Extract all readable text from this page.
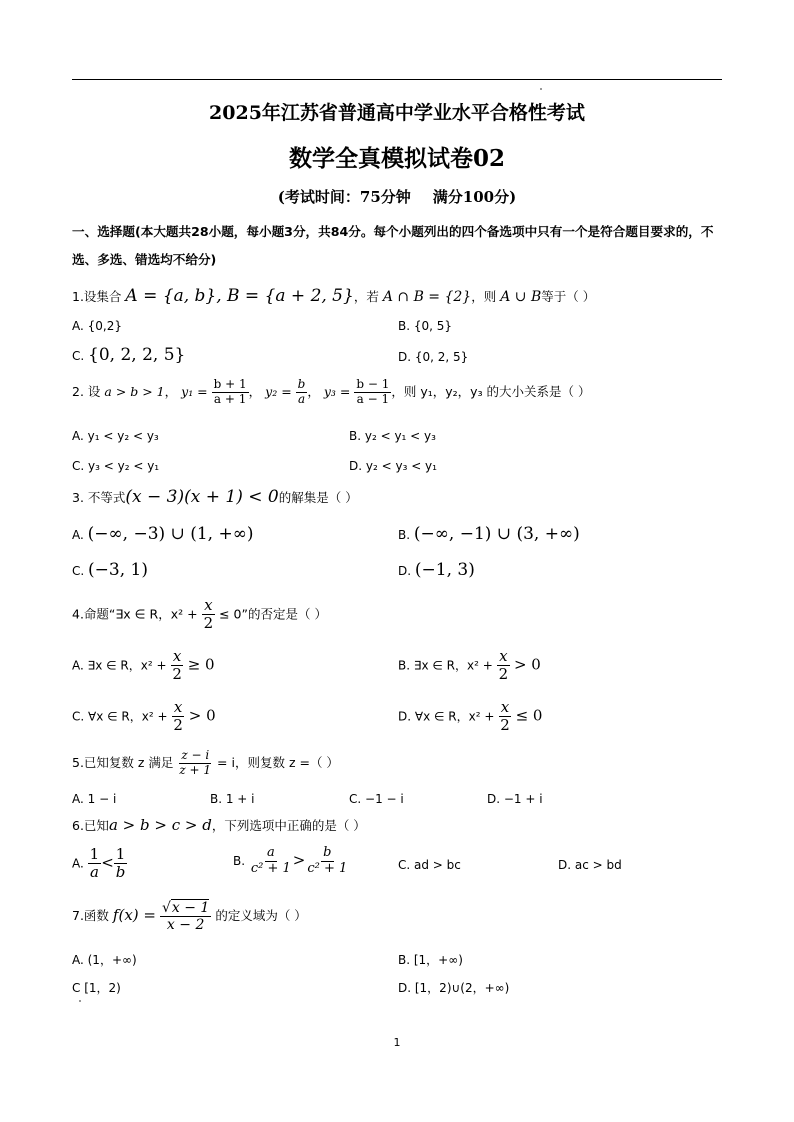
2025年江苏省普通高中学业水平合格性考试
数学全真模拟试卷02
(考试时间：75分钟 满分100分)
一、选择题(本大题共28小题，每小题3分，共84分。每个小题列出的四个备选项中只有一个是符合题目要求的，不选、多选、错选均不给分)
1.设集合 A = {a, b}, B = {a + 2, 5}，若 A ∩ B = {2}，则 A ∪ B等于（ ）
A. {0,2}	B. {0, 5}
C. {0, 2, 2, 5}	D. {0, 2, 5}
2. 设 a > b > 1， $y_1 = \frac{b + 1}{a + 1}$ ， $y_2 = \frac{b}{a}$ ， $y_3 = \frac{b - 1}{a - 1}$ ，则 y₁，y₂，y₃ 的大小关系是（ ）
A. y₁ < y₂ < y₃	B. y₂ < y₁ < y₃
C. y₃ < y₂ < y₁	D. y₂ < y₃ < y₁
3. 不等式(x − 3)(x + 1) < 0的解集是（ ）
A. (−∞, −3) ∪ (1, +∞)	B. (−∞, −1) ∪ (3, +∞)
C. (−3, 1)	D. (−1, 3)
4.命题“∃x ∈ R，$x^2 + \frac{x}{2} \le 0$”的否定是（ ）
A. ∃x ∈ R，$x^2 + \frac{x}{2} \ge 0$	B. ∃x ∈ R，$x^2 + \frac{x}{2} > 0$
C. ∀x ∈ R，$x^2 + \frac{x}{2} > 0$	D. ∀x ∈ R，$x^2 + \frac{x}{2} \le 0$
5.已知复数 z 满足 $\frac{z - i}{z + 1} = i$，则复数 z =（ ）
A. 1 − i	B. 1 + i	C. −1 − i	D. −1 + i
6.已知a > b > c > d，下列选项中正确的是（ ）
A. $\frac{1}{a} < \frac{1}{b}$	B. $\frac{a}{\text{c² + 1}} > \frac{b}{\text{c² + 1}}$	C. ad > bc	D. ac > bd
7.函数 $f(x) = \frac{√x - 1}{x - 2}$ 的定义域为（ ）
A. (1，+∞)	B. [1，+∞)
C [1，2)	D. [1，2)∪(2，+∞)
1
